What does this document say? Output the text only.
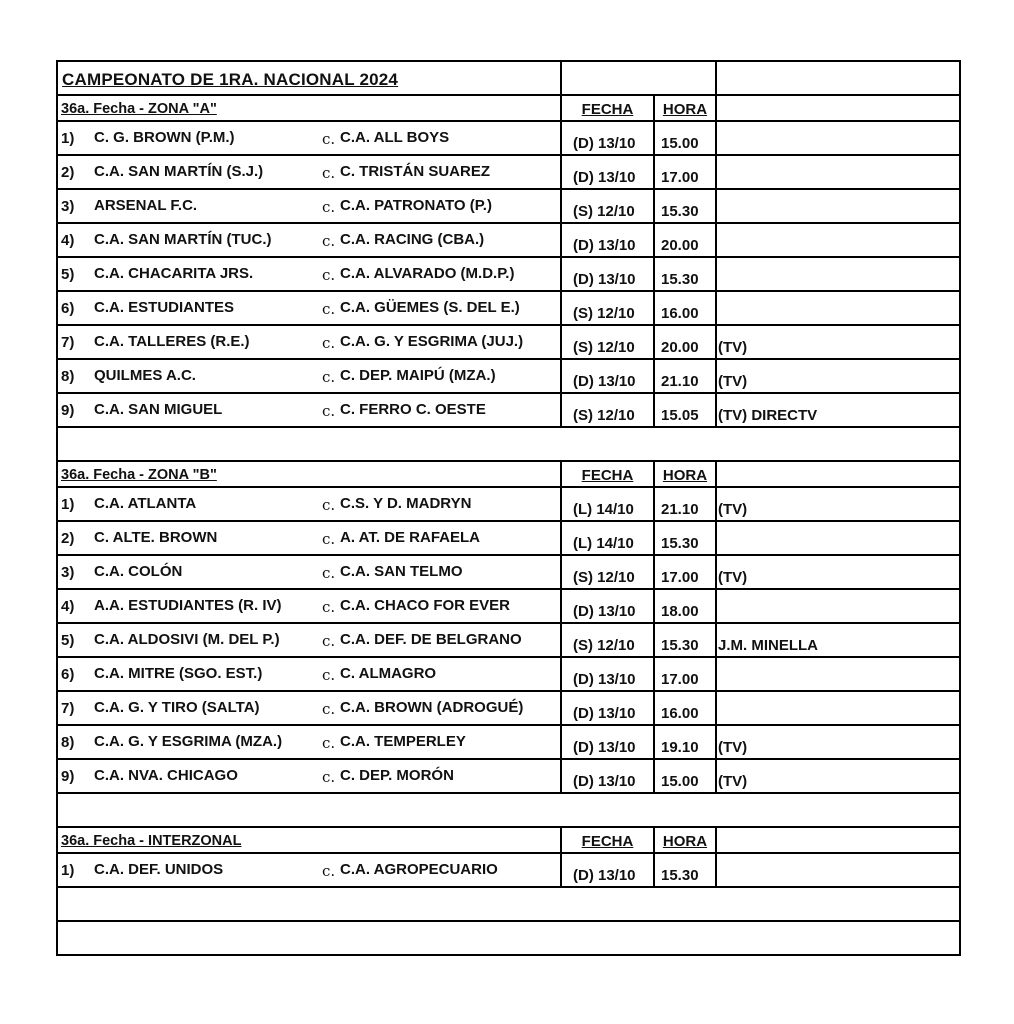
CAMPEONATO DE 1RA. NACIONAL 2024
36a. Fecha - ZONA "A"	FECHA	HORA
1) C. G. BROWN (P.M.)	c. C.A. ALL BOYS	(D) 13/10 15.00
2) C.A. SAN MARTÍN (S.J.)	c. C. TRISTÁN SUAREZ	(D) 13/10 17.00
3) ARSENAL F.C.	c. C.A. PATRONATO (P.)	(S) 12/10 15.30
4) C.A. SAN MARTÍN (TUC.)	c. C.A. RACING (CBA.)	(D) 13/10 20.00
5) C.A. CHACARITA JRS.	c. C.A. ALVARADO (M.D.P.)	(D) 13/10 15.30
6) C.A. ESTUDIANTES	c. C.A. GÜEMES (S. DEL E.)	(S) 12/10 16.00
7) C.A. TALLERES (R.E.)	c. C.A. G. Y ESGRIMA (JUJ.)	(S) 12/10 20.00 (TV)
8) QUILMES A.C.	c. C. DEP. MAIPÚ (MZA.)	(D) 13/10 21.10 (TV)
9) C.A. SAN MIGUEL	c. C. FERRO C. OESTE	(S) 12/10 15.05 (TV) DIRECTV
36a. Fecha - ZONA "B"	FECHA	HORA
1) C.A. ATLANTA	c. C.S. Y D. MADRYN	(L) 14/10 21.10 (TV)
2) C. ALTE. BROWN	c. A. AT. DE RAFAELA	(L) 14/10 15.30
3) C.A. COLÓN	c. C.A. SAN TELMO	(S) 12/10 17.00 (TV)
4) A.A. ESTUDIANTES (R. IV)	c. C.A. CHACO FOR EVER	(D) 13/10 18.00
5) C.A. ALDOSIVI (M. DEL P.)	c. C.A. DEF. DE BELGRANO	(S) 12/10 15.30 J.M. MINELLA
6) C.A. MITRE (SGO. EST.)	c. C. ALMAGRO	(D) 13/10 17.00
7) C.A. G. Y TIRO (SALTA)	c. C.A. BROWN (ADROGUÉ)	(D) 13/10 16.00
8) C.A. G. Y ESGRIMA (MZA.)	c. C.A. TEMPERLEY	(D) 13/10 19.10 (TV)
9) C.A. NVA. CHICAGO	c. C. DEP. MORÓN	(D) 13/10 15.00 (TV)
36a. Fecha - INTERZONAL	FECHA	HORA
1) C.A. DEF. UNIDOS	c. C.A. AGROPECUARIO	(D) 13/10 15.30
